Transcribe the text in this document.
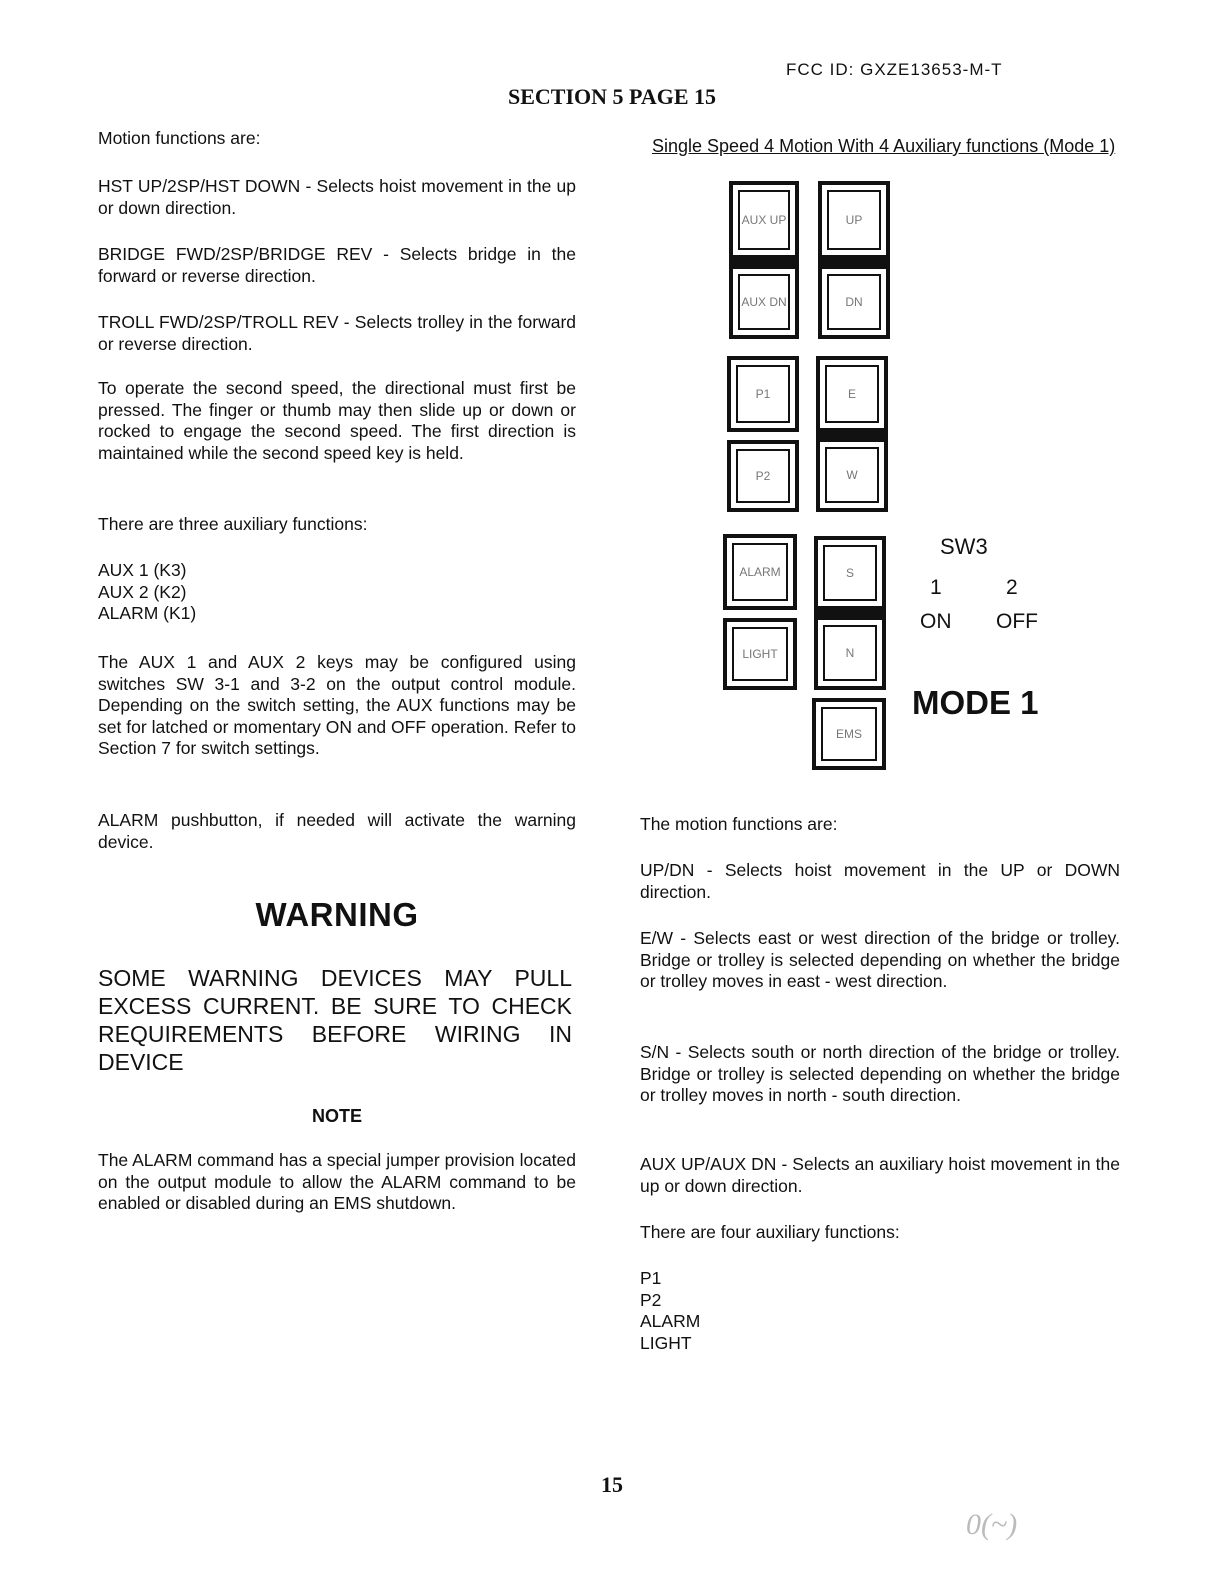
FCC ID: GXZE13653-M-T
SECTION 5 PAGE 15

Motion functions are:

HST UP/2SP/HST DOWN - Selects hoist movement in the up or down direction.

BRIDGE FWD/2SP/BRIDGE REV - Selects bridge in the forward or reverse direction.

TROLL FWD/2SP/TROLL REV - Selects trolley in the forward or reverse direction.

To operate the second speed, the directional must first be pressed. The finger or thumb may then slide up or down or rocked to engage the second speed. The first direction is maintained while the second speed key is held.

There are three auxiliary functions:

AUX 1 (K3)
AUX 2 (K2)
ALARM (K1)

The AUX 1 and AUX 2 keys may be configured using switches SW 3-1 and 3-2 on the output control module. Depending on the switch setting, the AUX functions may be set for latched or momentary ON and OFF operation. Refer to Section 7 for switch settings.

ALARM pushbutton, if needed will activate the warning device.

WARNING
SOME WARNING DEVICES MAY PULL EXCESS CURRENT. BE SURE TO CHECK REQUIREMENTS BEFORE WIRING IN DEVICE
NOTE

The ALARM command has a special jumper provision located on the output module to allow the ALARM command to be enabled or disabled during an EMS shutdown.

Single Speed 4 Motion With 4 Auxiliary functions (Mode 1)
AUX UP
AUX DN
UP
DN
P1
P2
E
W
ALARM
LIGHT
S
N
EMS
SW3
1	2
ON OFF
MODE 1

The motion functions are:

UP/DN - Selects hoist movement in the UP or DOWN direction.

E/W - Selects east or west direction of the bridge or trolley. Bridge or trolley is selected depending on whether the bridge or trolley moves in east - west direction.

S/N - Selects south or north direction of the bridge or trolley. Bridge or trolley is selected depending on whether the bridge or trolley moves in north - south direction.

AUX UP/AUX DN - Selects an auxiliary hoist movement in the up or down direction.

There are four auxiliary functions:

P1
P2
ALARM
LIGHT
15
0(~)
